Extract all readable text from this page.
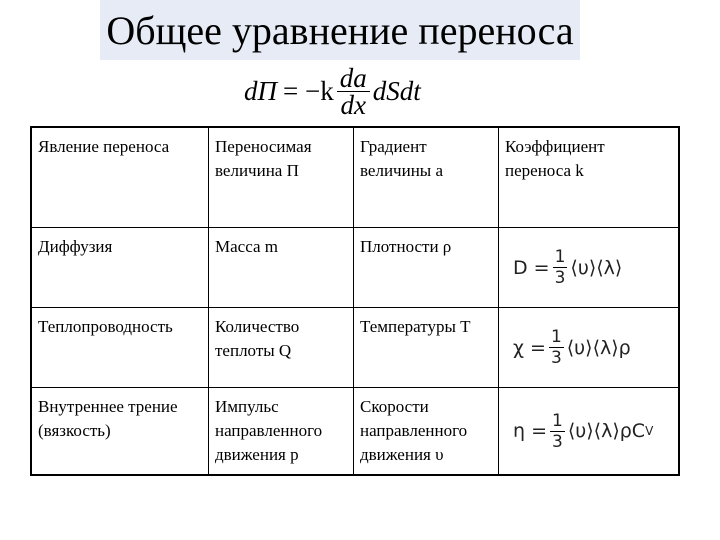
Общее уравнение переноса
dП = $-k \frac{da}{dx}$ dSdt
Явление переноса	Переносимая величина П	Градиент величины a	Коэффициент переноса k
Диффузия	Масса m	Плотности ρ	$D = \frac{1}{3}$ ⟨υ⟩⟨λ⟩

Теплопроводность	Количество теплоты Q	Температуры T	$\chi = \frac{1}{3}$ ⟨υ⟩⟨λ⟩ρ

Внутреннее трение (вязкость)	Импульс направленного движения p	Скорости направленного движения υ	$\eta = \frac{1}{3}$ ⟨υ⟩⟨λ⟩ρC V
